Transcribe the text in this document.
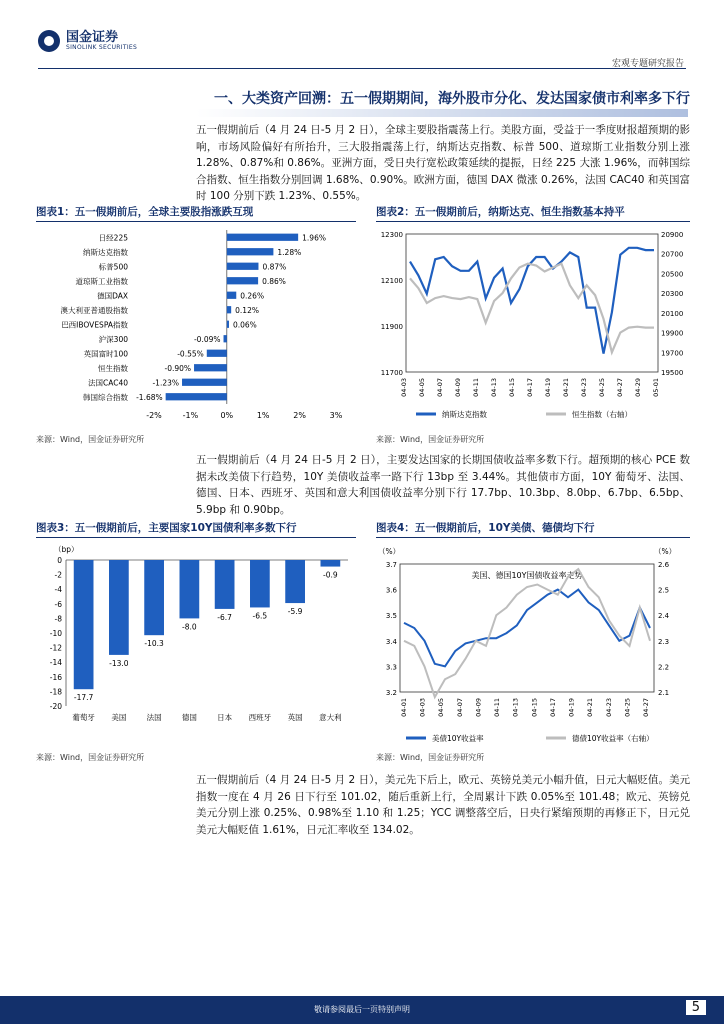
国金证券
SINOLINK SECURITIES
宏观专题研究报告
一、大类资产回溯：五一假期期间，海外股市分化、发达国家债市利率多下行
五一假期前后（4 月 24 日-5 月 2 日），全球主要股指震荡上行。美股方面，受益于一季度财报超预期的影响，市场风险偏好有所抬升，三大股指震荡上行，纳斯达克指数、标普 500、道琼斯工业指数分别上涨 1.28%、0.87%和 0.86%。亚洲方面，受日央行宽松政策延续的提振，日经 225 大涨 1.96%，而韩国综合指数、恒生指数分别回调 1.68%、0.90%。欧洲方面，德国 DAX 微涨 0.26%，法国 CAC40 和英国富时 100 分别下跌 1.23%、0.55%。
图表1：五一假期前后，全球主要股指涨跌互现
-2%	-1%	0%	1%	2%	3%
日经225	1.96%
纳斯达克指数	1.28%
标普500	0.87%
道琼斯工业指数	0.86%
德国DAX	0.26%
澳大利亚普通股指数	0.12%
巴西IBOVESPA指数	0.06%
沪深300	-0.09%
英国富时100	-0.55%
恒生指数	-0.90%
法国CAC40	-1.23%
韩国综合指数 -1.68%
来源：Wind，国金证券研究所
图表2：五一假期前后，纳斯达克、恒生指数基本持平
11700
11900
12100
12300
19500
19700
19900
20100
20300
20500
20700
20900
04-03 04-05 04-07 04-09 04-11 04-13 04-15 04-17 04-19 04-21 04-23 04-25 04-27 04-29 05-01
纳斯达克指数	恒生指数（右轴）
来源：Wind，国金证券研究所
五一假期前后（4 月 24 日-5 月 2 日），主要发达国家的长期国债收益率多数下行。超预期的核心 PCE 数据未改美债下行趋势，10Y 美债收益率一路下行 13bp 至 3.44%。其他债市方面，10Y 葡萄牙、法国、德国、日本、西班牙、英国和意大利国债收益率分别下行 17.7bp、10.3bp、8.0bp、6.7bp、6.5bp、5.9bp 和 0.90bp。
图表3：五一假期前后，主要国家10Y国债利率多数下行
（bp）
0
-2
-4
-6
-8
-10
-12
-14
-16
-18
-20
-17.7
葡萄牙
-13.0
美国
-10.3
法国
-8.0
德国
-6.7
日本
-6.5
西班牙
-5.9
英国
-0.9
意大利
来源：Wind，国金证券研究所
图表4：五一假期前后，10Y美债、德债均下行
（%）	（%）
美国、德国10Y国债收益率走势
3.2
3.3
3.4
3.5
3.6
3.7
2.1
2.2
2.3
2.4
2.5
2.6
04-01 04-03 04-05 04-07 04-09 04-11 04-13 04-15 04-17 04-19 04-21 04-23 04-25 04-27
美债10Y收益率	德债10Y收益率（右轴）
来源：Wind，国金证券研究所
五一假期前后（4 月 24 日-5 月 2 日），美元先下后上，欧元、英镑兑美元小幅升值，日元大幅贬值。美元指数一度在 4 月 26 日下行至 101.02，随后重新上行，全周累计下跌 0.05%至 101.48；欧元、英镑兑美元分别上涨 0.25%、0.98%至 1.10 和 1.25；YCC 调整落空后，日央行紧缩预期的再修正下，日元兑美元大幅贬值 1.61%，日元汇率收至 134.02。
敬请参阅最后一页特别声明	5
